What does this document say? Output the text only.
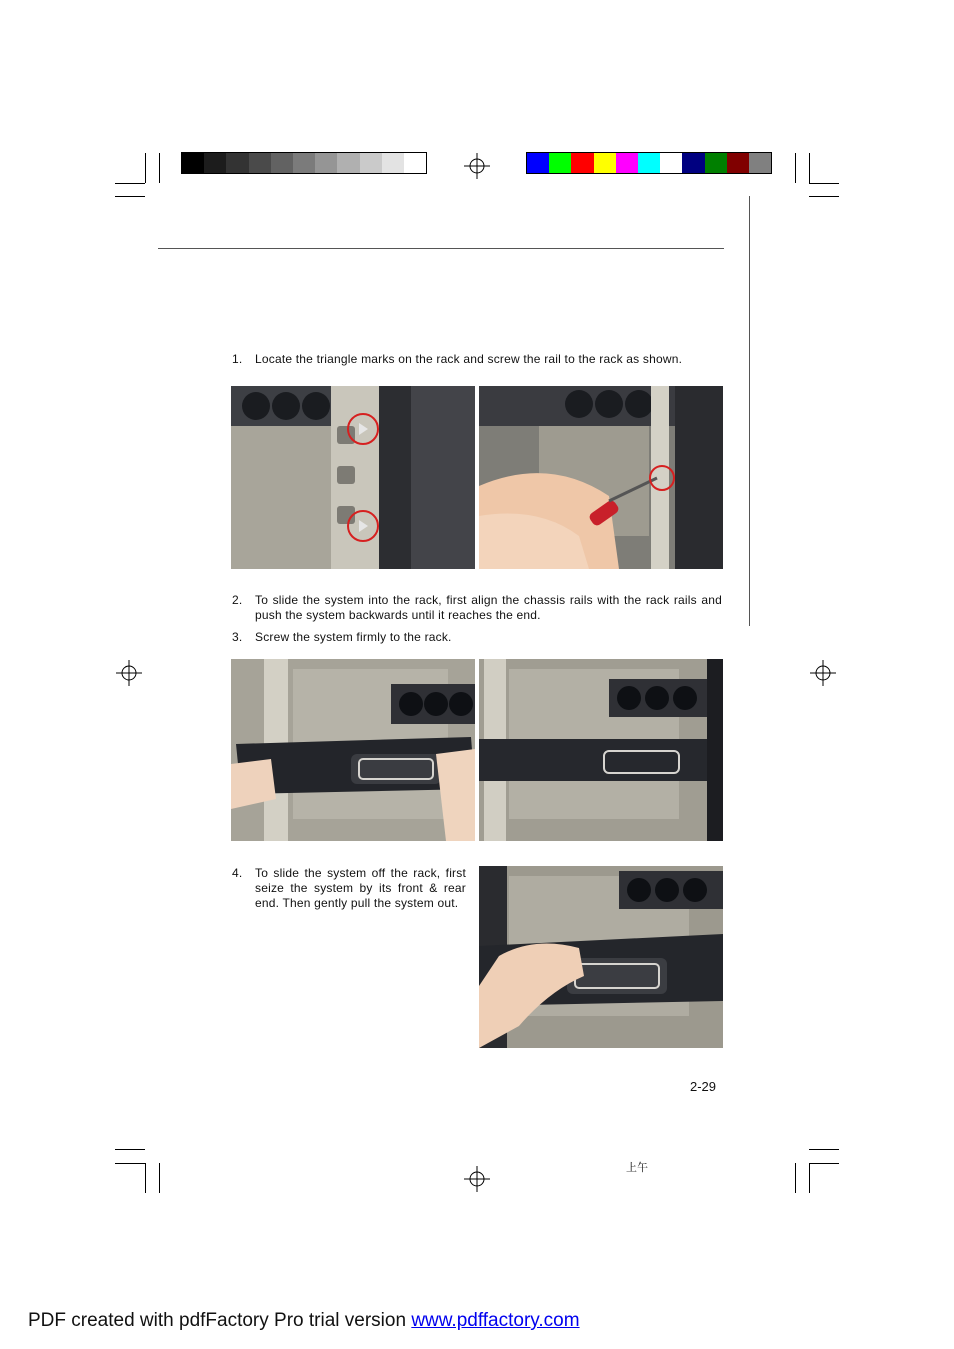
1. Locate the triangle marks on the rack and screw the rail to the rack as shown.
2. To slide the system into the rack, first align the chassis rails with the rack rails and push the system backwards until it reaches the end.
3. Screw the system firmly to the rack.
4. To slide the system off the rack, first seize the system by its front & rear end. Then gently pull the system out.
2-29
上午
PDF created with pdfFactory Pro trial version www.pdffactory.com
